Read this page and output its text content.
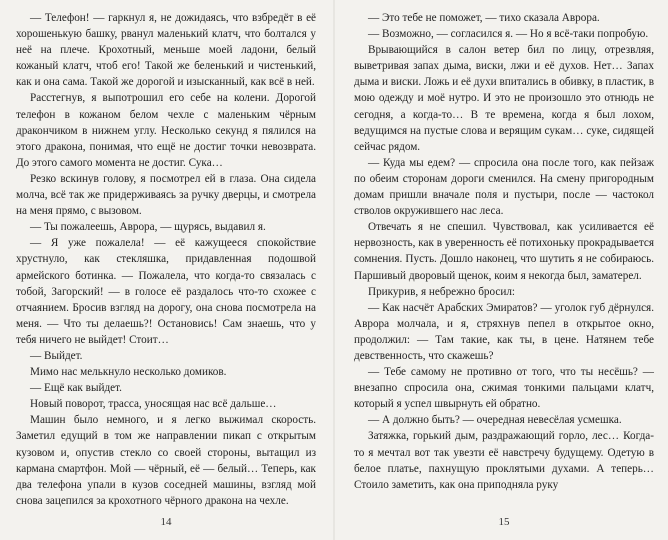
— Телефон! — гаркнул я, не дожидаясь, что взбредёт в её хорошенькую башку, рванул маленький клатч, что болтался у неё на плече. Крохотный, меньше моей ладони, белый кожаный клатч, чтоб его! Такой же беленький и чистенький, как и она сама. Такой же дорогой и изысканный, как всё в ней.

Расстегнув, я выпотрошил его себе на колени. Дорогой телефон в кожаном белом чехле с маленьким чёрным дракончиком в нижнем углу. Несколько секунд я пялился на этого дракона, понимая, что ещё не достиг точки невозврата. До этого самого момента не достиг. Сука…

Резко вскинув голову, я посмотрел ей в глаза. Она сидела молча, всё так же придерживаясь за ручку дверцы, и смотрела на меня прямо, с вызовом.

— Ты пожалеешь, Аврора, — щурясь, выдавил я.

— Я уже пожалела! — её кажущееся спокойствие хрустнуло, как стекляшка, придавленная подошвой армейского ботинка. — Пожалела, что когда-то связалась с тобой, Загорский! — в голосе её раздалось что-то схожее с отчаянием. Бросив взгляд на дорогу, она снова посмотрела на меня. — Что ты делаешь?! Остановись! Сам знаешь, что у тебя ничего не выйдет! Стоит…

— Выйдет.

Мимо нас мелькнуло несколько домиков.

— Ещё как выйдет.

Новый поворот, трасса, уносящая нас всё дальше…

Машин было немного, и я легко выжимал скорость. Заметил едущий в том же направлении пикап с открытым кузовом и, опустив стекло со своей стороны, вытащил из кармана смартфон. Мой — чёрный, её — белый… Теперь, как два телефона упали в кузов соседней машины, взгляд мой снова зацепился за крохотного чёрного дракона на чехле.

14

— Это тебе не поможет, — тихо сказала Аврора.

— Возможно, — согласился я. — Но я всё-таки попробую.

Врывающийся в салон ветер бил по лицу, отрезвляя, выветривая запах дыма, виски, лжи и её духов. Нет… Запах дыма и виски. Ложь и её духи впитались в обивку, в пластик, в мою одежду и моё нутро. И это не произошло это отнюдь не сегодня, а когда-то… В те времена, когда я был лохом, ведущимся на пустые слова и верящим сукам… суке, сидящей сейчас рядом.

— Куда мы едем? — спросила она после того, как пейзаж по обеим сторонам дороги сменился. На смену пригородным домам пришли вначале поля и пустыри, после — частокол стволов окружившего нас леса.

Отвечать я не спешил. Чувствовал, как усиливается её нервозность, как в уверенность её потихоньку прокрадывается сомнения. Пусть. Дошло наконец, что шутить я не собираюсь. Паршивый дворовый щенок, коим я некогда был, заматерел.

Прикурив, я небрежно бросил:

— Как насчёт Арабских Эмиратов? — уголок губ дёрнулся. Аврора молчала, и я, стряхнув пепел в открытое окно, продолжил: — Там такие, как ты, в цене. Натянем тебе девственность, что скажешь?

— Тебе самому не противно от того, что ты несёшь? — внезапно спросила она, сжимая тонкими пальцами клатч, который я успел швырнуть ей обратно.

— А должно быть? — очередная невесёлая усмешка.

Затяжка, горький дым, раздражающий горло, лес… Когда-то я мечтал вот так увезти её навстречу будущему. Одетую в белое платье, пахнущую проклятыми духами. А теперь… Стоило заметить, как она приподняла руку

15
